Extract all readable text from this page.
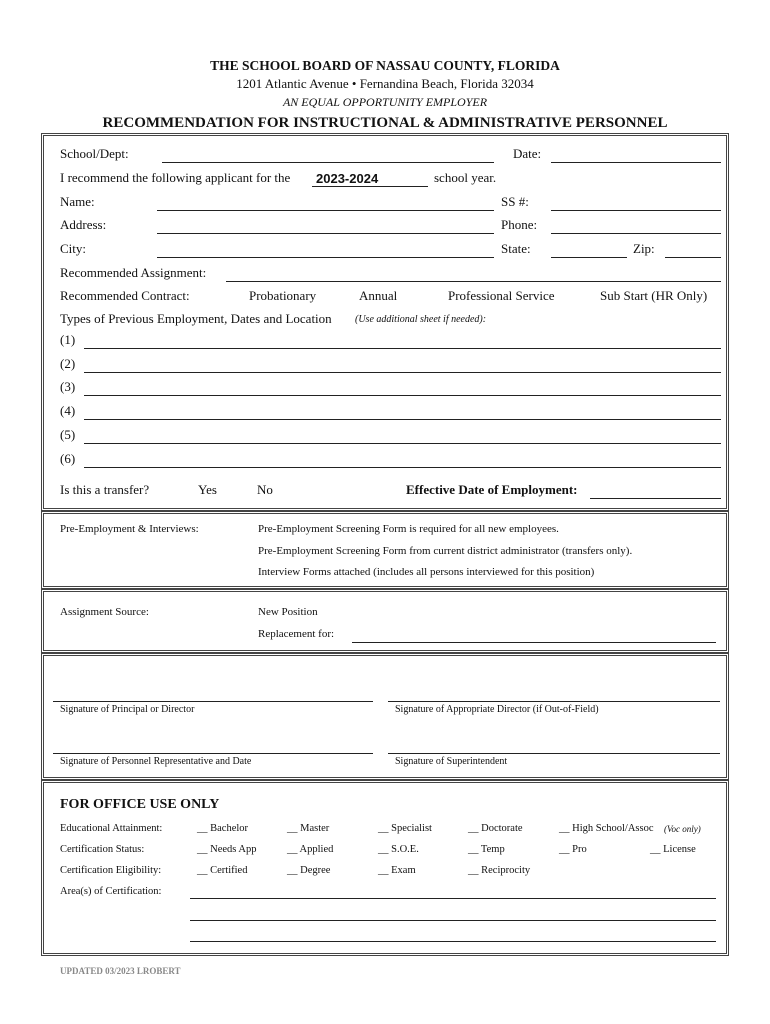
THE SCHOOL BOARD OF NASSAU COUNTY, FLORIDA
1201 Atlantic Avenue • Fernandina Beach, Florida 32034
AN EQUAL OPPORTUNITY EMPLOYER
RECOMMENDATION FOR INSTRUCTIONAL & ADMINISTRATIVE PERSONNEL
School/Dept:	Date:
I recommend the following applicant for the 2023-2024	school year.
Name:	SS #:
Address:	Phone:
City:	State:	Zip:
Recommended Assignment:
Recommended Contract:	Probationary	Annual	Professional Service	Sub Start (HR Only)
Types of Previous Employment, Dates and Location (Use additional sheet if needed):
(1)
(2)
(3)
(4)
(5)
(6)
Is this a transfer?	Yes	No	Effective Date of Employment:
Pre-Employment & Interviews:	Pre-Employment Screening Form is required for all new employees.
Pre-Employment Screening Form from current district administrator (transfers only).
Interview Forms attached (includes all persons interviewed for this position)
Assignment Source:	New Position
Replacement for:
Signature of Principal or Director	Signature of Appropriate Director (if Out-of-Field)
Signature of Personnel Representative and Date	Signature of Superintendent
FOR OFFICE USE ONLY
Educational Attainment:	__ Bachelor	__ Master	__ Specialist	__ Doctorate	__ High School/Assoc (Voc only)
Certification Status:	__ Needs App	__ Applied	__ S.O.E.	__ Temp	__ Pro	__ License
Certification Eligibility:	__ Certified	__ Degree	__ Exam	__ Reciprocity
Area(s) of Certification:
UPDATED 03/2023 LROBERT
